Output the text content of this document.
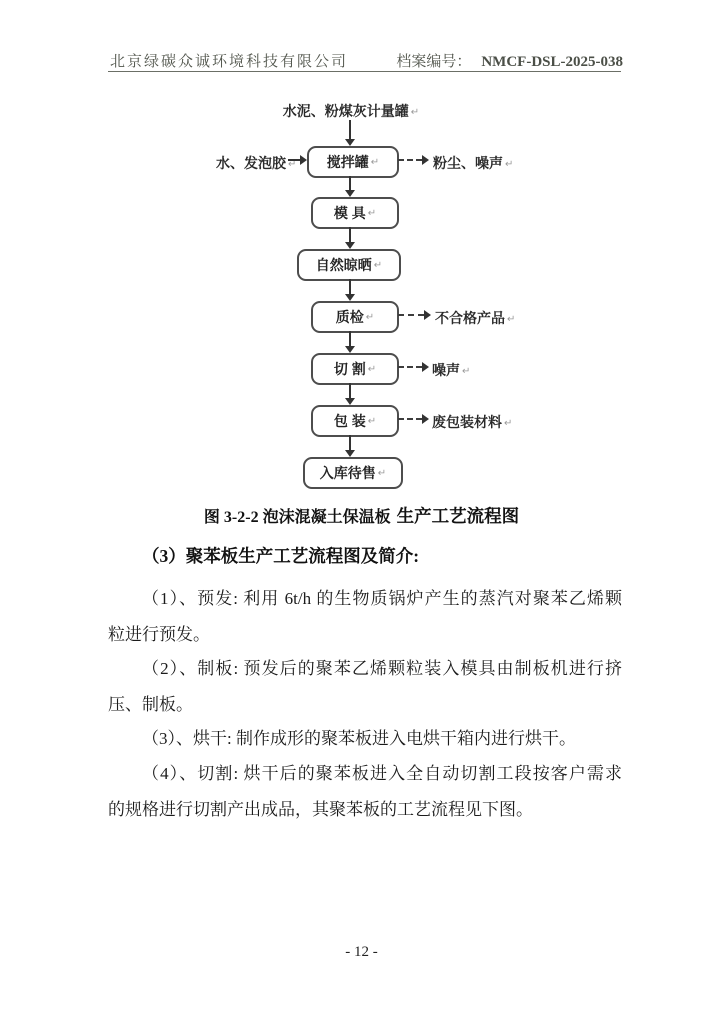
北京绿碳众诚环境科技有限公司	档案编号： NMCF-DSL-2025-038
水泥、粉煤灰计量罐 ↵
水、发泡胶 ↵ 搅拌罐 ↵	粉尘、噪声 ↵
模 具 ↵
自然晾晒 ↵
质检 ↵	不合格产品 ↵
切 割 ↵	噪声 ↵
包 装 ↵	废包装材料 ↵
入库待售 ↵
图 3-2-2 泡沫混凝土保温板 生产工艺流程图
（3）聚苯板生产工艺流程图及简介:
（1）、预发: 利用 6t/h 的生物质锅炉产生的蒸汽对聚苯乙烯颗
粒进行预发。
（2）、制板: 预发后的聚苯乙烯颗粒装入模具由制板机进行挤
压、制板。
（3）、烘干: 制作成形的聚苯板进入电烘干箱内进行烘干。
（4）、切割: 烘干后的聚苯板进入全自动切割工段按客户需求
的规格进行切割产出成品，其聚苯板的工艺流程见下图。
- 12 -
